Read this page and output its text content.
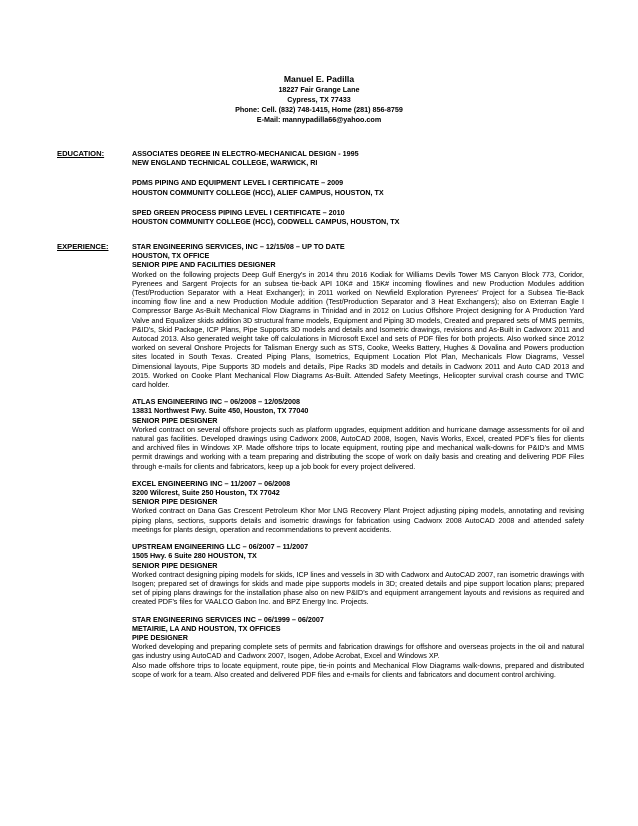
Manuel E. Padilla
18227 Fair Grange Lane
Cypress, TX 77433
Phone: Cell. (832) 748-1415, Home (281) 856-8759
E-Mail: mannypadilla66@yahoo.com
EDUCATION:	ASSOCIATES DEGREE IN ELECTRO-MECHANICAL DESIGN - 1995
NEW ENGLAND TECHNICAL COLLEGE, WARWICK, RI
PDMS PIPING AND EQUIPMENT LEVEL I CERTIFICATE – 2009
HOUSTON COMMUNITY COLLEGE (HCC), ALIEF CAMPUS, HOUSTON, TX
SPED GREEN PROCESS PIPING LEVEL I CERTIFICATE – 2010
HOUSTON COMMUNITY COLLEGE (HCC), CODWELL CAMPUS, HOUSTON, TX
EXPERIENCE:	STAR ENGINEERING SERVICES, INC – 12/15/08 – UP TO DATE
HOUSTON, TX OFFICE
SENIOR PIPE AND FACILITIES DESIGNER

Worked on the following projects Deep Gulf Energy’s in 2014 thru 2016 Kodiak for Williams Devils Tower MS Canyon Block 773, Coridor, Pyrenees and Sargent Projects for an subsea tie-back API 10K# and 15K# incoming flowlines and new Production Modules addition (Test/Production Separator with a Heat Exchanger); in 2011 worked on Newfield Exploration Pyrenees’ Project for a Subsea Tie-Back incoming flow line and a new Production Module addition (Test/Production Separator and 3 Heat Exchangers); also on Exterran Eagle I Compressor Barge As-Built Mechanical Flow Diagrams in Trinidad and in 2012 on Lucius Offshore Project designing for A Production Yard Valve and Equalizer skids addition 3D structural frame models, Equipment and Piping 3D models, Created and prepared sets of MMS permits, P&ID’s, Skid Package, ICP Plans, Pipe Supports 3D models and details and Isometric drawings, revisions and As-Built in Cadworx 2011 and Autocad 2013. Also generated weight take off calculations in Microsoft Excel and sets of PDF files for both projects. Also worked since 2012 worked on several Onshore Projects for Talisman Energy such as STS, Cooke, Weeks Battery, Hughes & Dovalina and Powers production sites located in South Texas. Created Piping Plans, Isometrics, Equipment Location Plot Plan, Mechanicals Flow Diagrams, Vessel Dimensional layouts, Pipe Supports 3D models and details, Pipe Racks 3D models and details in Cadworx 2011 and Auto CAD 2013 and 2015. Worked on Cooke Plant Mechanical Flow Diagrams As-Built. Attended Safety Meetings, Helicopter survival crash course and TWIC card holder.

ATLAS ENGINEERING INC – 06/2008 – 12/05/2008
13831 Northwest Fwy. Suite 450, Houston, TX 77040
SENIOR PIPE DESIGNER

Worked contract on several offshore projects such as platform upgrades, equipment addition and hurricane damage assessments for oil and natural gas facilities. Developed drawings using Cadworx 2008, AutoCAD 2008, Isogen, Navis Works, Excel, created PDF’s files for clients and archived files in Windows XP. Made offshore trips to locate equipment, routing pipe and mechanical walk-downs for P&ID’s and MMS permit drawings and working with a team preparing and distributing the scope of work on daily basis and creating and delivering PDF Files through e-mails for clients and fabricators, keep up a job book for every project delivered.

EXCEL ENGINEERING INC – 11/2007 – 06/2008
3200 Wilcrest, Suite 250 Houston, TX 77042
SENIOR PIPE DESIGNER

Worked contract on Dana Gas Crescent Petroleum Khor Mor LNG Recovery Plant Project adjusting piping models, annotating and revising piping plans, sections, supports details and isometric drawings for fabrication using Cadworx 2008 AutoCAD 2008 and attended safety meetings for plants design, operation and recommendations to prevent accidents.

UPSTREAM ENGINEERING LLC – 06/2007 – 11/2007
1505 Hwy. 6 Suite 280 HOUSTON, TX
SENIOR PIPE DESIGNER

Worked contract designing piping models for skids, ICP lines and vessels in 3D with Cadworx and AutoCAD 2007, ran isometric drawings with Isogen; prepared set of drawings for skids and made pipe supports models in 3D; created details and pipe support location plans; prepared set of piping plans drawings for the installation phase also on new P&ID’s and equipment arrangement layouts and revisions as required and created PDF’s files for VAALCO Gabon Inc. and BPZ Energy Inc. Projects.

STAR ENGINEERING SERVICES INC – 06/1999 – 06/2007
METAIRIE, LA AND HOUSTON, TX OFFICES
PIPE DESIGNER

Worked developing and preparing complete sets of permits and fabrication drawings for offshore and overseas projects in the oil and natural gas industry using AutoCAD and Cadworx 2007, Isogen, Adobe Acrobat, Excel and Windows XP.

Also made offshore trips to locate equipment, route pipe, tie-in points and Mechanical Flow Diagrams walk-downs, prepared and distributed scope of work for a team. Also created and delivered PDF files and e-mails for clients and fabricators and document control archiving.
